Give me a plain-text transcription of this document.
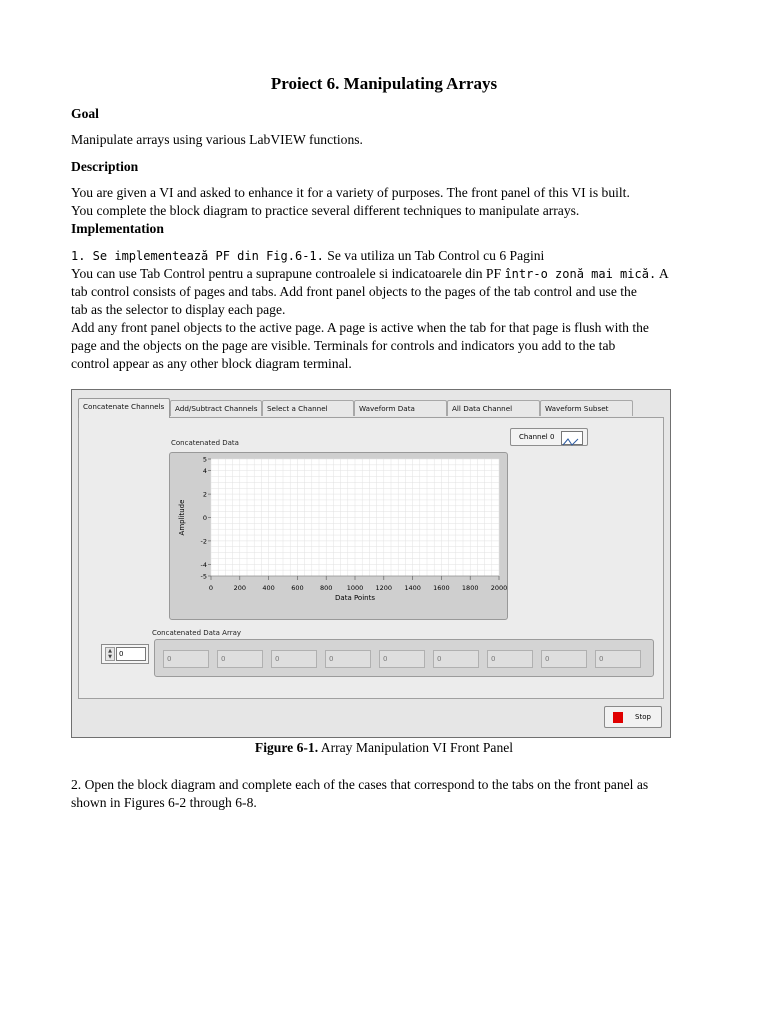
Proiect 6. Manipulating Arrays

Goal

Manipulate arrays using various LabVIEW functions.

Description

You are given a VI and asked to enhance it for a variety of purposes. The front panel of this VI is built.
You complete the block diagram to practice several different techniques to manipulate arrays.

Implementation

1. Se implementează PF din Fig.6-1. Se va utiliza un Tab Control cu 6 Pagini
You can use Tab Control pentru a suprapune controalele si indicatoarele din PF într-o zonă mai mică. A
tab control consists of pages and tabs. Add front panel objects to the pages of the tab control and use the
tab as the selector to display each page.
Add any front panel objects to the active page. A page is active when the tab for that page is flush with the
page and the objects on the page are visible. Terminals for controls and indicators you add to the tab
control appear as any other block diagram terminal.

Concatenate Channels	Add/Subtract Channels	Select a Channel	Waveform Data	All Data Channel	Waveform Subset
Concatenated Data
Channel 0
5
4
2
0
-2
-4
-5
0	200	400	600	800 1000 1200 1400 1600 1800 2000
Data Points
Amplitude
Concatenated Data Array
▲
▼	0
0	0	0	0	0	0	0	0	0
Stop
Figure 6-1. Array Manipulation VI Front Panel

2. Open the block diagram and complete each of the cases that correspond to the tabs on the front panel as
shown in Figures 6-2 through 6-8.
